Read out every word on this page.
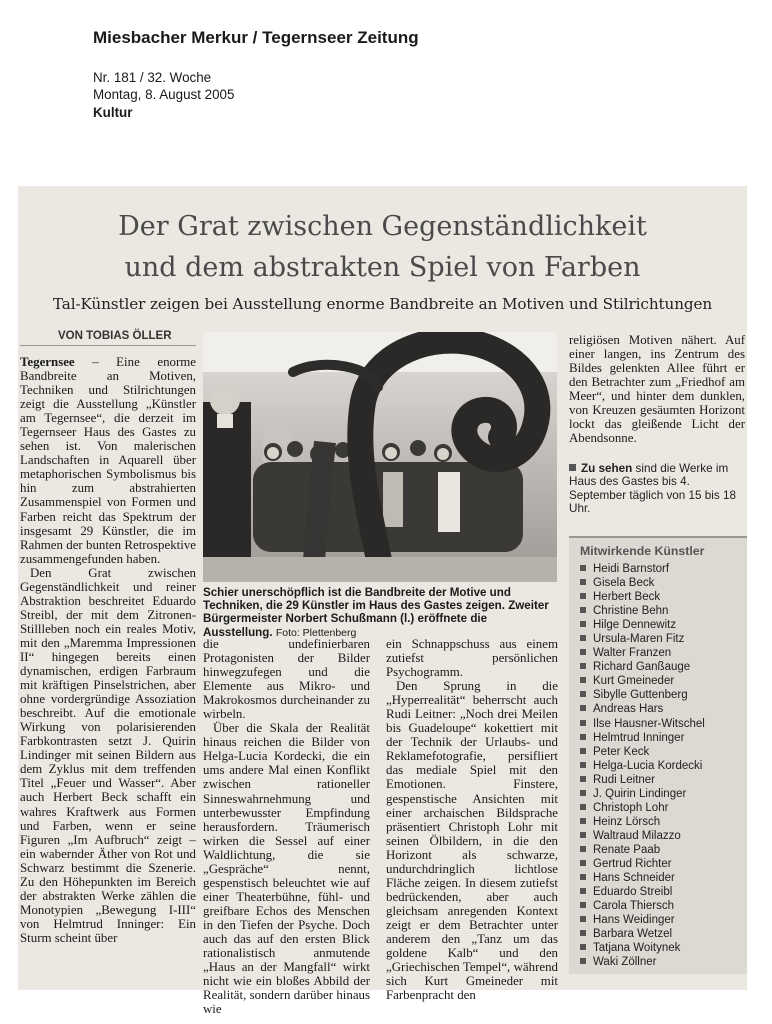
Miesbacher Merkur / Tegernseer Zeitung
Nr. 181 / 32. Woche
Montag, 8. August 2005
Kultur
Der Grat zwischen Gegenständlichkeit
und dem abstrakten Spiel von Farben
Tal-Künstler zeigen bei Ausstellung enorme Bandbreite an Motiven und Stilrichtungen
VON TOBIAS ÖLLER

Tegernsee – Eine enorme Bandbreite an Motiven, Techniken und Stilrichtungen zeigt die Ausstellung „Künstler am Tegernsee“, die derzeit im Tegernseer Haus des Gastes zu sehen ist. Von malerischen Landschaften in Aquarell über metaphorischen Symbolismus bis hin zum abstrahierten Zusammenspiel von Formen und Farben reicht das Spektrum der insgesamt 29 Künstler, die im Rahmen der bunten Retrospektive zusammengefunden haben.

Den Grat zwischen Gegenständlichkeit und reiner Abstraktion beschreitet Eduardo Streibl, der mit dem Zitronen-Stillleben noch ein reales Motiv, mit den „Maremma Impressionen II“ hingegen bereits einen dynamischen, erdigen Farbraum mit kräftigen Pinselstrichen, aber ohne vordergründige Assoziation beschreibt. Auf die emotionale Wirkung von polarisierenden Farbkontrasten setzt J. Quirin Lindinger mit seinen Bildern aus dem Zyklus mit dem treffenden Titel „Feuer und Wasser“. Aber auch Herbert Beck schafft ein wahres Kraftwerk aus Formen und Farben, wenn er seine Figuren „Im Aufbruch“ zeigt – ein wabernder Äther von Rot und Schwarz bestimmt die Szenerie. Zu den Höhepunkten im Bereich der abstrakten Werke zählen die Monotypien „Bewegung I-III“ von Helmtrud Inninger: Ein Sturm scheint über

Schier unerschöpflich ist die Bandbreite der Motive und Techniken, die 29 Künstler im Haus des Gastes zeigen. Zweiter Bürgermeister Norbert Schußmann (l.) eröffnete die Ausstellung. Foto: Plettenberg

die undefinierbaren Protagonisten der Bilder hinwegzufegen und die Elemente aus Mikro- und Makrokosmos durcheinander zu wirbeln.

Über die Skala der Realität hinaus reichen die Bilder von Helga-Lucia Kordecki, die ein ums andere Mal einen Konflikt zwischen rationeller Sinneswahrnehmung und unterbewusster Empfindung herausfordern. Träumerisch wirken die Sessel auf einer Waldlichtung, die sie „Gespräche“ nennt, gespenstisch beleuchtet wie auf einer Theaterbühne, fühl- und greifbare Echos des Menschen in den Tiefen der Psyche. Doch auch das auf den ersten Blick rationalistisch anmutende „Haus an der Mangfall“ wirkt nicht wie ein bloßes Abbild der Realität, sondern darüber hinaus wie

ein Schnappschuss aus einem zutiefst persönlichen Psychogramm.

Den Sprung in die „Hyperrealität“ beherrscht auch Rudi Leitner: „Noch drei Meilen bis Guadeloupe“ kokettiert mit der Technik der Urlaubs- und Reklamefotografie, persifliert das mediale Spiel mit den Emotionen. Finstere, gespenstische Ansichten mit einer archaischen Bildsprache präsentiert Christoph Lohr mit seinen Ölbildern, in die den Horizont als schwarze, undurchdringlich lichtlose Fläche zeigen. In diesem zutiefst bedrückenden, aber auch gleichsam anregenden Kontext zeigt er dem Betrachter unter anderem den „Tanz um das goldene Kalb“ und den „Griechischen Tempel“, während sich Kurt Gmeineder mit Farbenpracht den

religiösen Motiven nähert. Auf einer langen, ins Zentrum des Bildes gelenkten Allee führt er den Betrachter zum „Friedhof am Meer“, und hinter dem dunklen, von Kreuzen gesäumten Horizont lockt das gleißende Licht der Abendsonne.

Zu sehen sind die Werke im Haus des Gastes bis 4. September täglich von 15 bis 18 Uhr.
Mitwirkende Künstler
Heidi Barnstorf
Gisela Beck
Herbert Beck
Christine Behn
Hilge Dennewitz
Ursula-Maren Fitz
Walter Franzen
Richard Ganßauge
Kurt Gmeineder
Sibylle Guttenberg
Andreas Hars
Ilse Hausner-Witschel
Helmtrud Inninger
Peter Keck
Helga-Lucia Kordecki
Rudi Leitner
J. Quirin Lindinger
Christoph Lohr
Heinz Lörsch
Waltraud Milazzo
Renate Paab
Gertrud Richter
Hans Schneider
Eduardo Streibl
Carola Thiersch
Hans Weidinger
Barbara Wetzel
Tatjana Woitynek
Waki Zöllner
